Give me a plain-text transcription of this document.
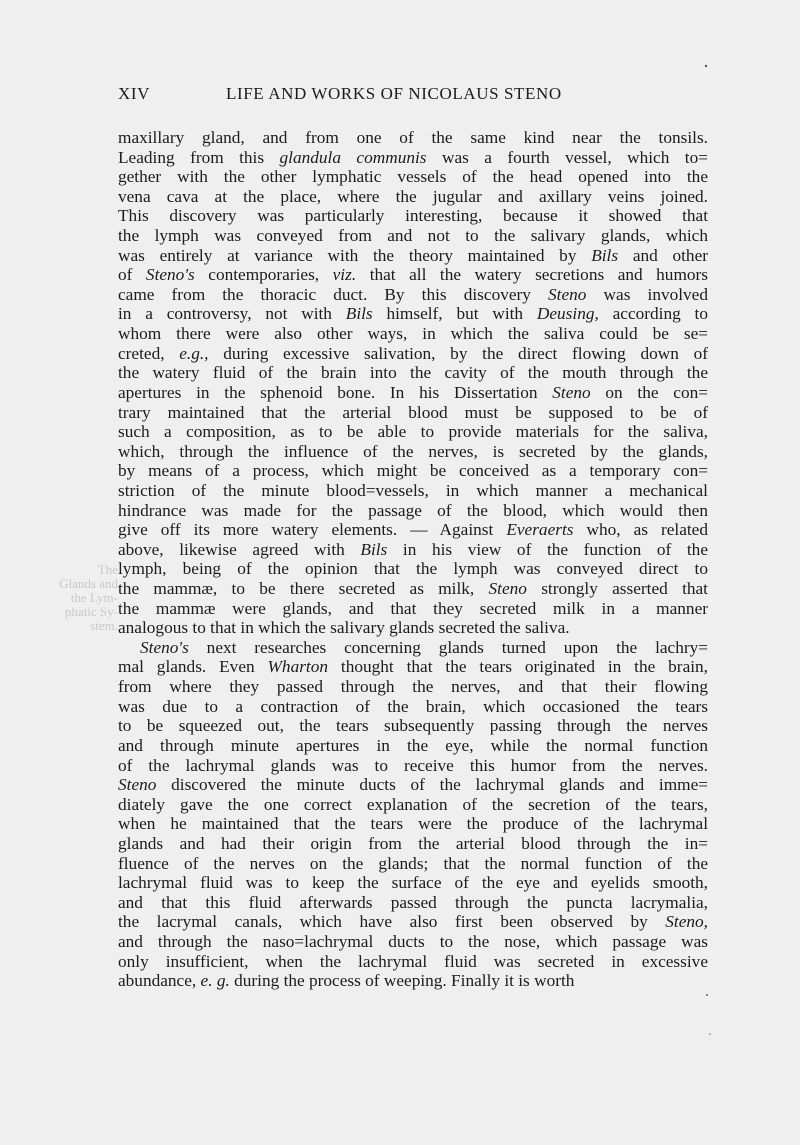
XIV	LIFE AND WORKS OF NICOLAUS STENO
The
Glands and
the Lym-
phatic Sy-
stem.
maxillary gland, and from one of the same kind near the tonsils.
Leading from this glandula communis was a fourth vessel, which to=
gether with the other lymphatic vessels of the head opened into the
vena cava at the place, where the jugular and axillary veins joined.
This discovery was particularly interesting, because it showed that
the lymph was conveyed from and not to the salivary glands, which
was entirely at variance with the theory maintained by Bils and other
of Steno's contemporaries, viz. that all the watery secretions and humors
came from the thoracic duct. By this discovery Steno was involved
in a controversy, not with Bils himself, but with Deusing, according to
whom there were also other ways, in which the saliva could be se=
creted, e.g., during excessive salivation, by the direct flowing down of
the watery fluid of the brain into the cavity of the mouth through the
apertures in the sphenoid bone. In his Dissertation Steno on the con=
trary maintained that the arterial blood must be supposed to be of
such a composition, as to be able to provide materials for the saliva,
which, through the influence of the nerves, is secreted by the glands,
by means of a process, which might be conceived as a temporary con=
striction of the minute blood=vessels, in which manner a mechanical
hindrance was made for the passage of the blood, which would then
give off its more watery elements. — Against Everaerts who, as related
above, likewise agreed with Bils in his view of the function of the
lymph, being of the opinion that the lymph was conveyed direct to
the mammæ, to be there secreted as milk, Steno strongly asserted that
the mammæ were glands, and that they secreted milk in a manner
analogous to that in which the salivary glands secreted the saliva.
Steno's next researches concerning glands turned upon the lachry=
mal glands. Even Wharton thought that the tears originated in the brain,
from where they passed through the nerves, and that their flowing
was due to a contraction of the brain, which occasioned the tears
to be squeezed out, the tears subsequently passing through the nerves
and through minute apertures in the eye, while the normal function
of the lachrymal glands was to receive this humor from the nerves.
Steno discovered the minute ducts of the lachrymal glands and imme=
diately gave the one correct explanation of the secretion of the tears,
when he maintained that the tears were the produce of the lachrymal
glands and had their origin from the arterial blood through the in=
fluence of the nerves on the glands; that the normal function of the
lachrymal fluid was to keep the surface of the eye and eyelids smooth,
and that this fluid afterwards passed through the puncta lacrymalia,
the lacrymal canals, which have also first been observed by Steno,
and through the naso=lachrymal ducts to the nose, which passage was
only insufficient, when the lachrymal fluid was secreted in excessive
abundance, e. g. during the process of weeping. Finally it is worth
